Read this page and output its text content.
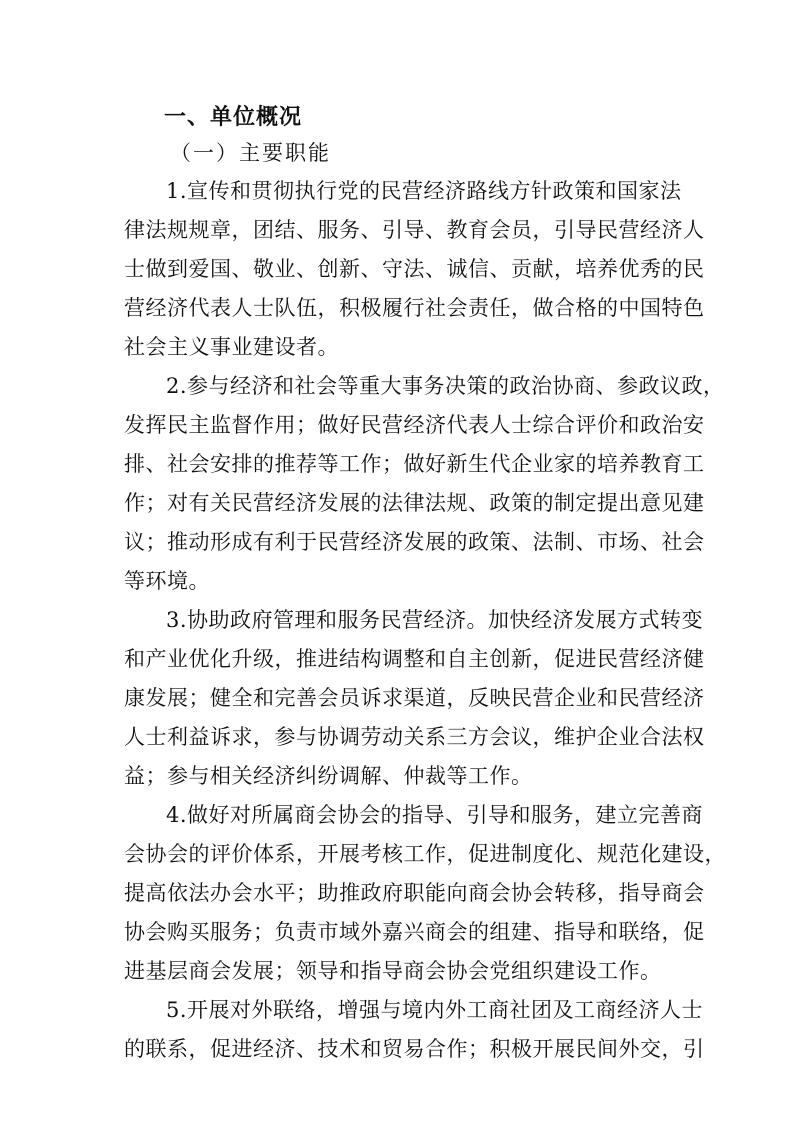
一、单位概况
（一）主要职能
1.宣传和贯彻执行党的民营经济路线方针政策和国家法
律法规规章，团结、服务、引导、教育会员，引导民营经济人
士做到爱国、敬业、创新、守法、诚信、贡献，培养优秀的民
营经济代表人士队伍，积极履行社会责任，做合格的中国特色
社会主义事业建设者。
2.参与经济和社会等重大事务决策的政治协商、参政议政，
发挥民主监督作用；做好民营经济代表人士综合评价和政治安
排、社会安排的推荐等工作；做好新生代企业家的培养教育工
作；对有关民营经济发展的法律法规、政策的制定提出意见建
议；推动形成有利于民营经济发展的政策、法制、市场、社会
等环境。
3.协助政府管理和服务民营经济。加快经济发展方式转变
和产业优化升级，推进结构调整和自主创新，促进民营经济健
康发展；健全和完善会员诉求渠道，反映民营企业和民营经济
人士利益诉求，参与协调劳动关系三方会议，维护企业合法权
益；参与相关经济纠纷调解、仲裁等工作。
4.做好对所属商会协会的指导、引导和服务，建立完善商
会协会的评价体系，开展考核工作，促进制度化、规范化建设，
提高依法办会水平；助推政府职能向商会协会转移，指导商会
协会购买服务；负责市域外嘉兴商会的组建、指导和联络，促
进基层商会发展；领导和指导商会协会党组织建设工作。
5.开展对外联络，增强与境内外工商社团及工商经济人士
的联系，促进经济、技术和贸易合作；积极开展民间外交，引
